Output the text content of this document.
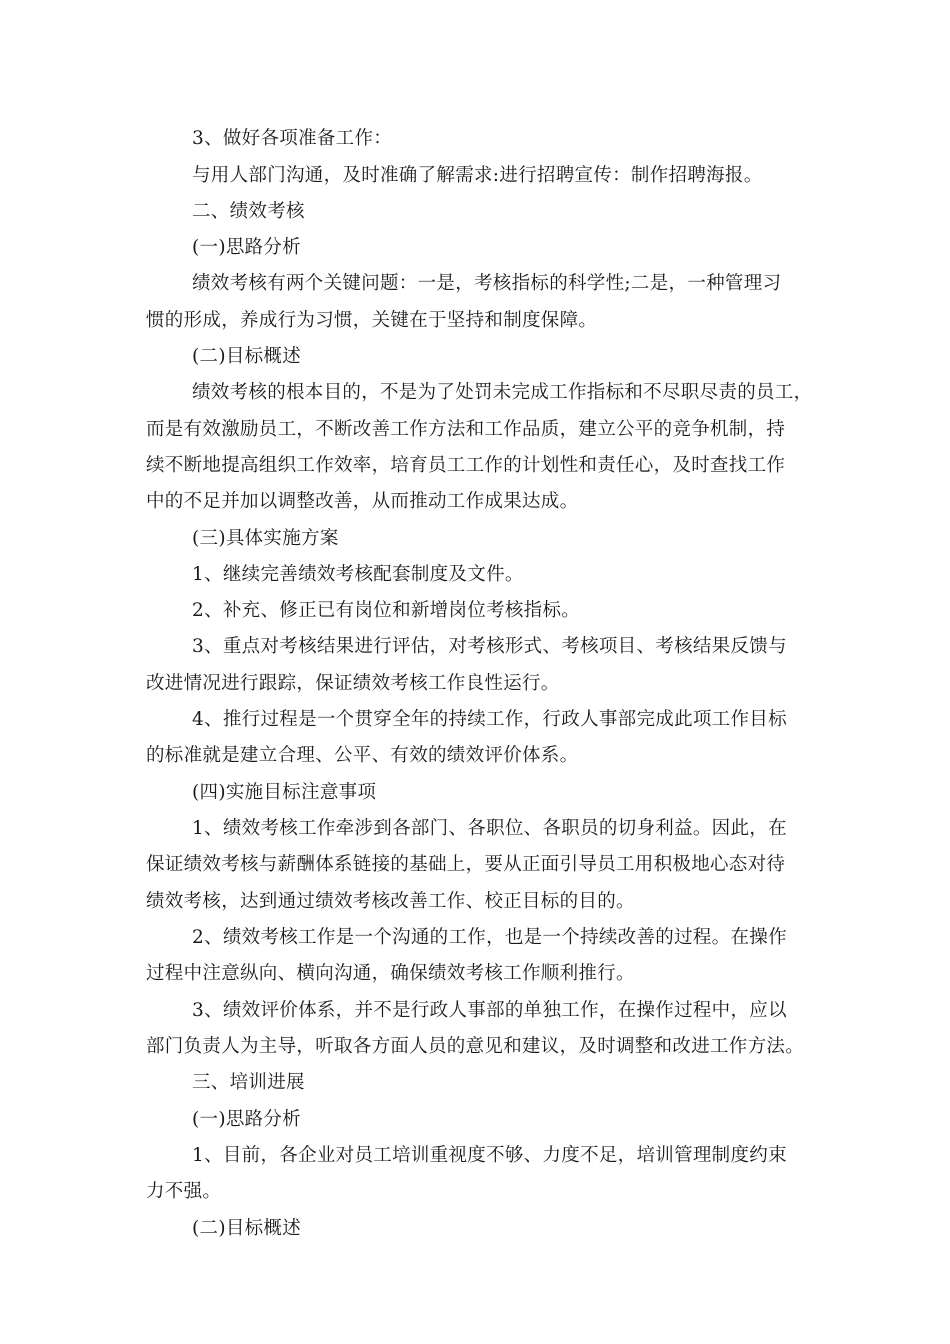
3、做好各项准备工作：
与用人部门沟通，及时准确了解需求:进行招聘宣传：制作招聘海报。
二、绩效考核
(一)思路分析
绩效考核有两个关键问题：一是，考核指标的科学性;二是，一种管理习
惯的形成，养成行为习惯，关键在于坚持和制度保障。
(二)目标概述
绩效考核的根本目的，不是为了处罚未完成工作指标和不尽职尽责的员工，
而是有效激励员工，不断改善工作方法和工作品质，建立公平的竞争机制，持
续不断地提高组织工作效率，培育员工工作的计划性和责任心，及时查找工作
中的不足并加以调整改善，从而推动工作成果达成。
(三)具体实施方案
1、继续完善绩效考核配套制度及文件。
2、补充、修正已有岗位和新增岗位考核指标。
3、重点对考核结果进行评估，对考核形式、考核项目、考核结果反馈与
改进情况进行跟踪，保证绩效考核工作良性运行。
4、推行过程是一个贯穿全年的持续工作，行政人事部完成此项工作目标
的标准就是建立合理、公平、有效的绩效评价体系。
(四)实施目标注意事项
1、绩效考核工作牵涉到各部门、各职位、各职员的切身利益。因此，在
保证绩效考核与薪酬体系链接的基础上，要从正面引导员工用积极地心态对待
绩效考核，达到通过绩效考核改善工作、校正目标的目的。
2、绩效考核工作是一个沟通的工作，也是一个持续改善的过程。在操作
过程中注意纵向、横向沟通，确保绩效考核工作顺利推行。
3、绩效评价体系，并不是行政人事部的单独工作，在操作过程中，应以
部门负责人为主导，听取各方面人员的意见和建议，及时调整和改进工作方法。
三、培训进展
(一)思路分析
1、目前，各企业对员工培训重视度不够、力度不足，培训管理制度约束
力不强。
(二)目标概述
